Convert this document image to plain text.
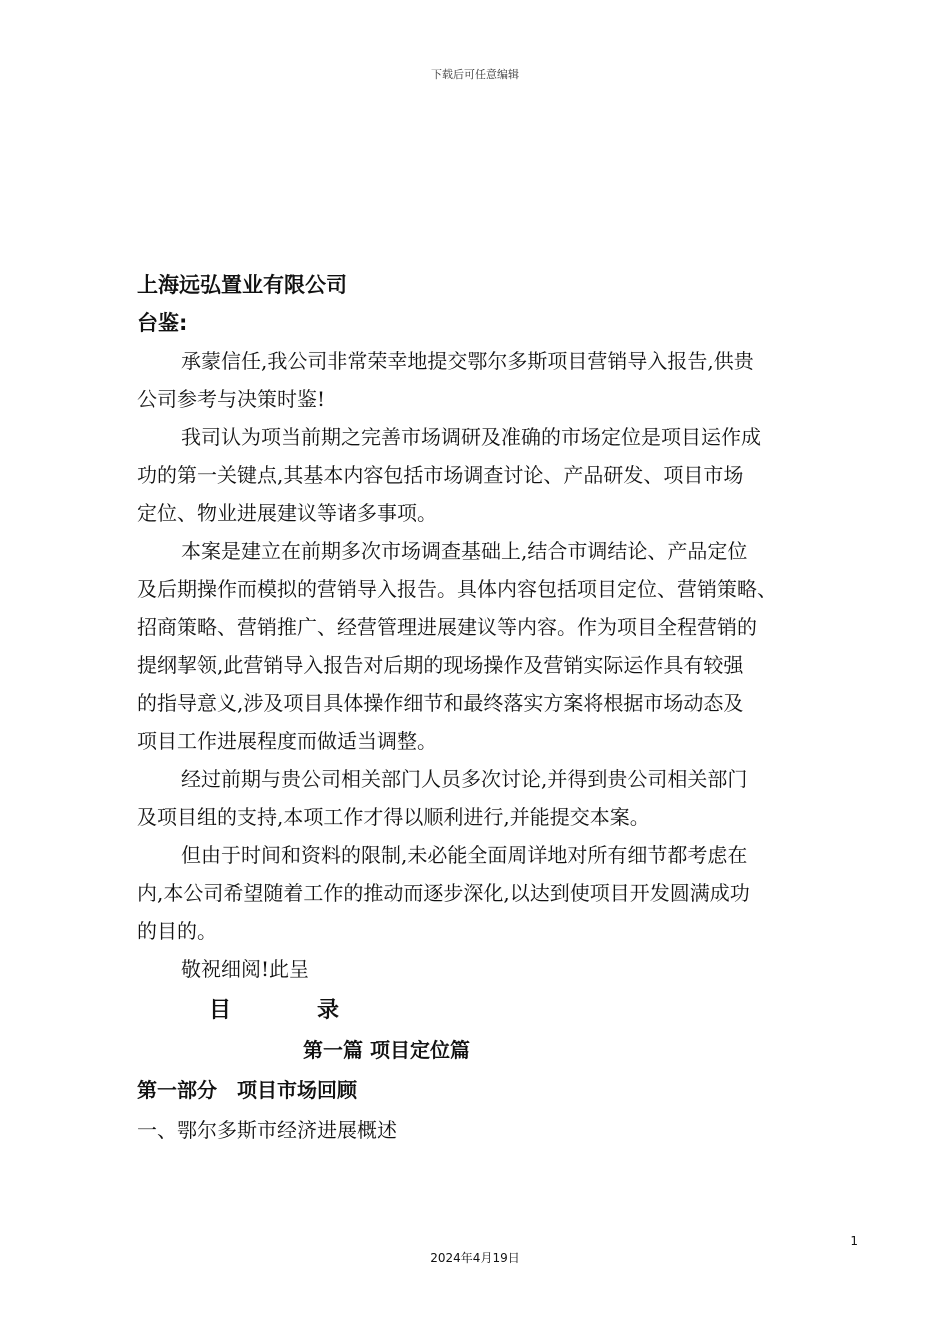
下载后可任意编辑
上海远弘置业有限公司
台鉴:

承蒙信任,我公司非常荣幸地提交鄂尔多斯项目营销导入报告,供贵
公司参考与决策时鉴!

我司认为项当前期之完善市场调研及准确的市场定位是项目运作成
功的第一关键点,其基本内容包括市场调查讨论、产品研发、项目市场
定位、物业进展建议等诸多事项。

本案是建立在前期多次市场调查基础上,结合市调结论、产品定位
及后期操作而模拟的营销导入报告。具体内容包括项目定位、营销策略、
招商策略、营销推广、经营管理进展建议等内容。作为项目全程营销的
提纲挈领,此营销导入报告对后期的现场操作及营销实际运作具有较强
的指导意义,涉及项目具体操作细节和最终落实方案将根据市场动态及
项目工作进展程度而做适当调整。

经过前期与贵公司相关部门人员多次讨论,并得到贵公司相关部门
及项目组的支持,本项工作才得以顺利进行,并能提交本案。

但由于时间和资料的限制,未必能全面周详地对所有细节都考虑在
内,本公司希望随着工作的推动而逐步深化,以达到使项目开发圆满成功
的目的。

敬祝细阅!此呈

目	录
第一篇 项目定位篇
第一部分　项目市场回顾
一、鄂尔多斯市经济进展概述
1
2024年4月19日
